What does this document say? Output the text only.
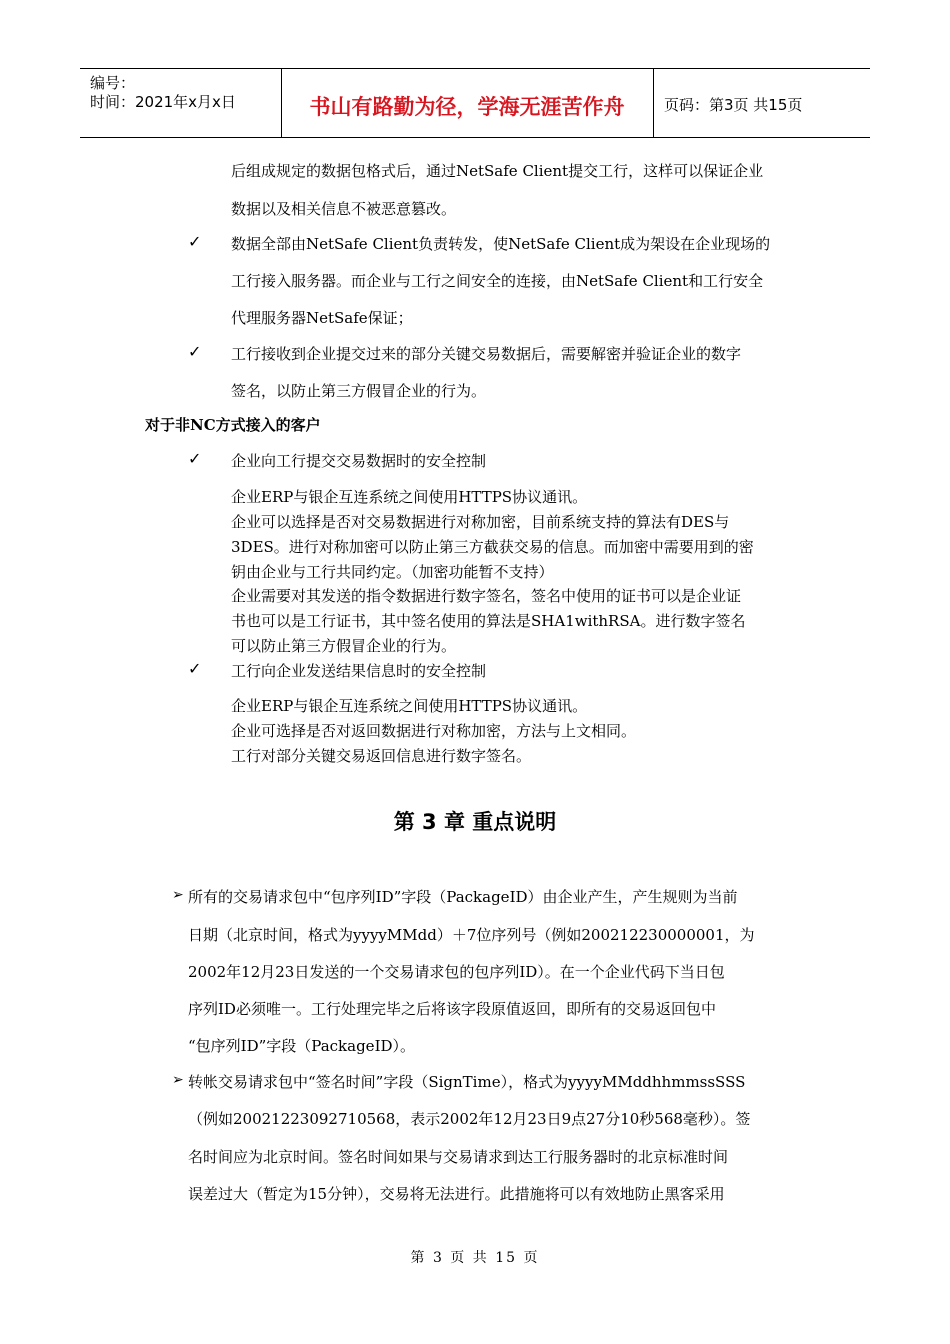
编号：
时间：2021年x月x日	书山有路勤为径，学海无涯苦作舟	页码：第3页 共15页
后组成规定的数据包格式后，通过NetSafe Client提交工行，这样可以保证企业
数据以及相关信息不被恶意篡改。
✓ 数据全部由NetSafe Client负责转发，使NetSafe Client成为架设在企业现场的
工行接入服务器。而企业与工行之间安全的连接，由NetSafe Client和工行安全
代理服务器NetSafe保证；
✓ 工行接收到企业提交过来的部分关键交易数据后，需要解密并验证企业的数字
签名，以防止第三方假冒企业的行为。
对于非NC方式接入的客户
✓ 企业向工行提交交易数据时的安全控制
企业ERP与银企互连系统之间使用HTTPS协议通讯。
企业可以选择是否对交易数据进行对称加密，目前系统支持的算法有DES与
3DES。进行对称加密可以防止第三方截获交易的信息。而加密中需要用到的密
钥由企业与工行共同约定。（加密功能暂不支持）
企业需要对其发送的指令数据进行数字签名，签名中使用的证书可以是企业证
书也可以是工行证书，其中签名使用的算法是SHA1withRSA。进行数字签名
可以防止第三方假冒企业的行为。
✓ 工行向企业发送结果信息时的安全控制
企业ERP与银企互连系统之间使用HTTPS协议通讯。
企业可选择是否对返回数据进行对称加密，方法与上文相同。
工行对部分关键交易返回信息进行数字签名。
第 3 章 重点说明
➢ 所有的交易请求包中“包序列ID”字段（PackageID）由企业产生，产生规则为当前
日期（北京时间，格式为yyyyMMdd）＋7位序列号（例如200212230000001，为
2002年12月23日发送的一个交易请求包的包序列ID）。在一个企业代码下当日包
序列ID必须唯一。工行处理完毕之后将该字段原值返回，即所有的交易返回包中
“包序列ID”字段（PackageID）。
➢ 转帐交易请求包中“签名时间”字段（SignTime），格式为yyyyMMddhhmmssSSS
（例如20021223092710568，表示2002年12月23日9点27分10秒568毫秒）。签
名时间应为北京时间。签名时间如果与交易请求到达工行服务器时的北京标准时间
误差过大（暂定为15分钟），交易将无法进行。此措施将可以有效地防止黑客采用
第 3 页 共 15 页
